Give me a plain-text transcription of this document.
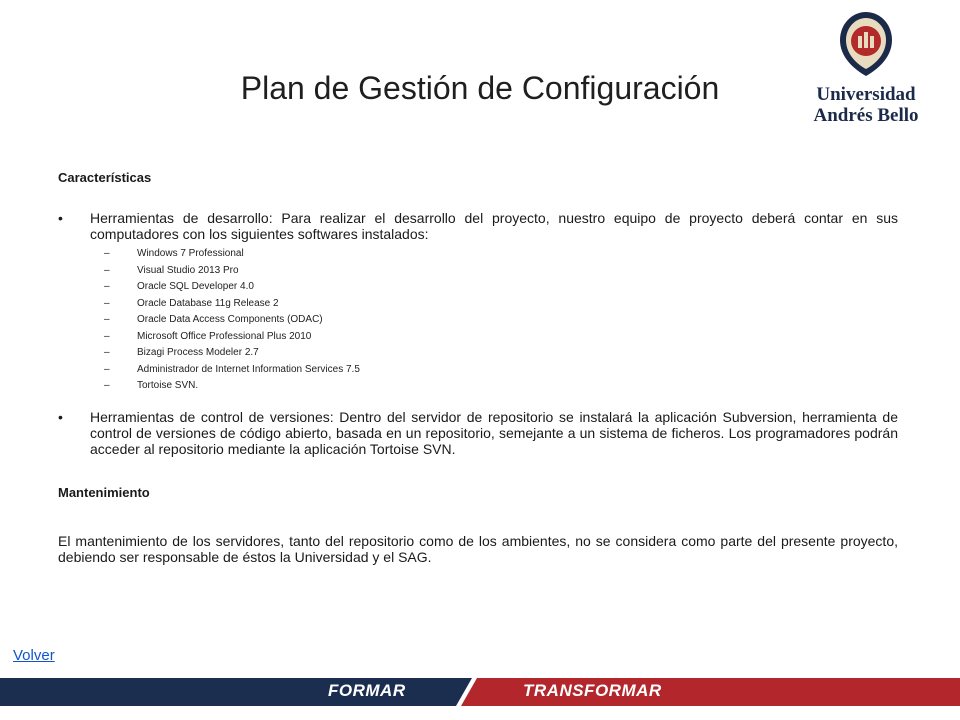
Plan de Gestión de Configuración	Universidad
Andrés Bello

Características

• Herramientas de desarrollo: Para realizar el desarrollo del proyecto, nuestro equipo de proyecto deberá contar en sus computadores con los siguientes softwares instalados:
–	Windows 7 Professional
–	Visual Studio 2013 Pro
–	Oracle SQL Developer 4.0
–	Oracle Database 11g Release 2
–	Oracle Data Access Components (ODAC)
–	Microsoft Office Professional Plus 2010
–	Bizagi Process Modeler 2.7
–	Administrador de Internet Information Services 7.5
–	Tortoise SVN.
• Herramientas de control de versiones: Dentro del servidor de repositorio se instalará la aplicación Subversion, herramienta de control de versiones de código abierto, basada en un repositorio, semejante a un sistema de ficheros. Los programadores podrán acceder al repositorio mediante la aplicación Tortoise SVN.

Mantenimiento

El mantenimiento de los servidores, tanto del repositorio como de los ambientes, no se considera como parte del presente proyecto, debiendo ser responsable de éstos la Universidad y el SAG.
Volver
FORMAR	TRANSFORMAR
